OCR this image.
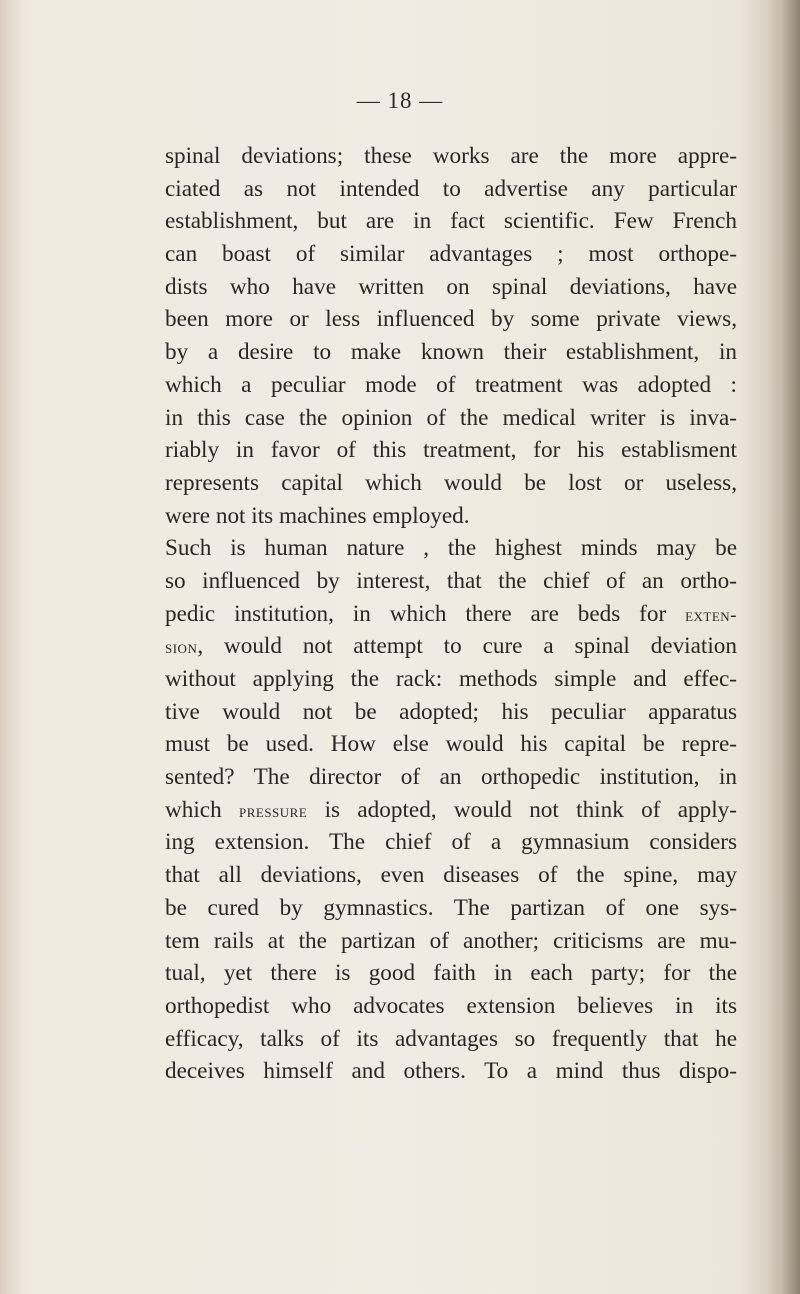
— 18 —
spinal deviations; these works are the more appre-
ciated as not intended to advertise any particular
establishment, but are in fact scientific. Few French
can boast of similar advantages ; most orthope-
dists who have written on spinal deviations, have
been more or less influenced by some private views,
by a desire to make known their establishment, in
which a peculiar mode of treatment was adopted :
in this case the opinion of the medical writer is inva-
riably in favor of this treatment, for his establisment
represents capital which would be lost or useless,
were not its machines employed.
Such is human nature , the highest minds may be
so influenced by interest, that the chief of an ortho-
pedic institution, in which there are beds for exten-
sion, would not attempt to cure a spinal deviation
without applying the rack: methods simple and effec-
tive would not be adopted; his peculiar apparatus
must be used. How else would his capital be repre-
sented? The director of an orthopedic institution, in
which pressure is adopted, would not think of apply-
ing extension. The chief of a gymnasium considers
that all deviations, even diseases of the spine, may
be cured by gymnastics. The partizan of one sys-
tem rails at the partizan of another; criticisms are mu-
tual, yet there is good faith in each party; for the
orthopedist who advocates extension believes in its
efficacy, talks of its advantages so frequently that he
deceives himself and others. To a mind thus dispo-
